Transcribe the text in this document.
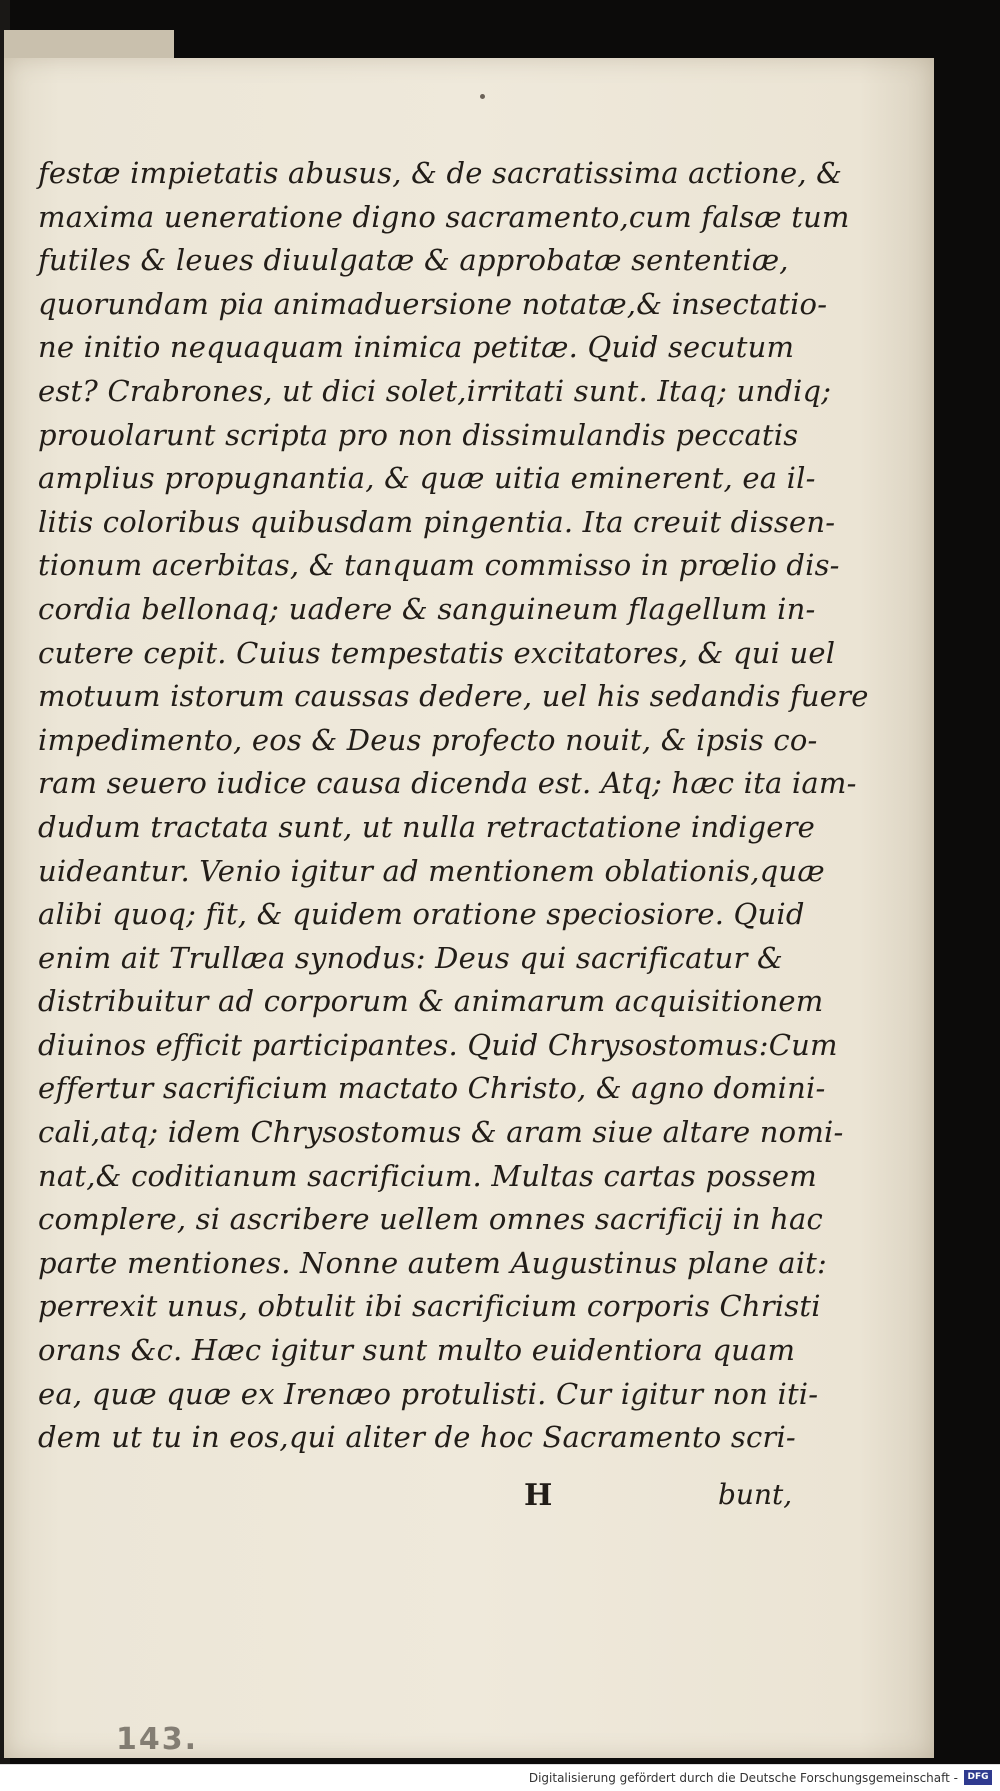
festæ impietatis abusus, & de sacratissima actione, &
maxima ueneratione digno sacramento,cum falsæ tum
futiles & leues diuulgatæ & approbatæ sententiæ,
quorundam pia animaduersione notatæ,& insectatio-
ne initio nequaquam inimica petitæ. Quid secutum
est? Crabrones, ut dici solet,irritati sunt. Itaq; undiq;
prouolarunt scripta pro non dissimulandis peccatis
amplius propugnantia, & quæ uitia eminerent, ea il-
litis coloribus quibusdam pingentia. Ita creuit dissen-
tionum acerbitas, & tanquam commisso in prœlio dis-
cordia bellonaq; uadere & sanguineum flagellum in-
cutere cepit. Cuius tempestatis excitatores, & qui uel
motuum istorum caussas dedere, uel his sedandis fuere
impedimento, eos & Deus profecto nouit, & ipsis co-
ram seuero iudice causa dicenda est. Atq; hæc ita iam-
dudum tractata sunt, ut nulla retractatione indigere
uideantur. Venio igitur ad mentionem oblationis,quæ
alibi quoq; fit, & quidem oratione speciosiore. Quid
enim ait Trullæa synodus: Deus qui sacrificatur &
distribuitur ad corporum & animarum acquisitionem
diuinos efficit participantes. Quid Chrysostomus:Cum
effertur sacrificium mactato Christo, & agno domini-
cali,atq; idem Chrysostomus & aram siue altare nomi-
nat,& coditianum sacrificium. Multas cartas possem
complere, si ascribere uellem omnes sacrificij in hac
parte mentiones. Nonne autem Augustinus plane ait:
perrexit unus, obtulit ibi sacrificium corporis Christi
orans &c. Hæc igitur sunt multo euidentiora quam
ea, quæ quæ ex Irenæo protulisti. Cur igitur non iti-
dem ut tu in eos,qui aliter de hoc Sacramento scri-
H	bunt,
143.
Digitalisierung gefördert durch die Deutsche Forschungsgemeinschaft -	DFG
